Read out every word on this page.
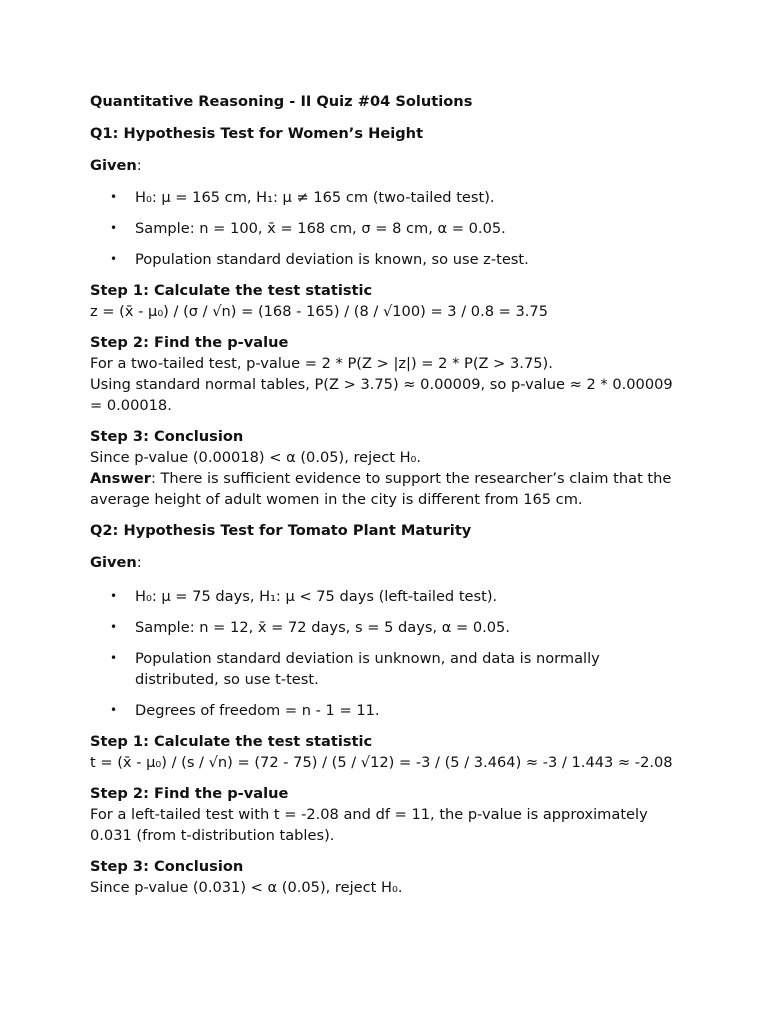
Quantitative Reasoning - II Quiz #04 Solutions

Q1: Hypothesis Test for Women’s Height

Given:

• H₀: μ = 165 cm, H₁: μ ≠ 165 cm (two-tailed test).
• Sample: n = 100, x̄ = 168 cm, σ = 8 cm, α = 0.05.
• Population standard deviation is known, so use z-test.
Step 1: Calculate the test statistic
z = (x̄ - μ₀) / (σ / √n) = (168 - 165) / (8 / √100) = 3 / 0.8 = 3.75
Step 2: Find the p-value
For a two-tailed test, p-value = 2 * P(Z > |z|) = 2 * P(Z > 3.75).
Using standard normal tables, P(Z > 3.75) ≈ 0.00009, so p-value ≈ 2 * 0.00009 = 0.00018.
Step 3: Conclusion
Since p-value (0.00018) < α (0.05), reject H₀.
Answer: There is sufficient evidence to support the researcher’s claim that the average height of adult women in the city is different from 165 cm.

Q2: Hypothesis Test for Tomato Plant Maturity

Given:

• H₀: μ = 75 days, H₁: μ < 75 days (left-tailed test).
• Sample: n = 12, x̄ = 72 days, s = 5 days, α = 0.05.
• Population standard deviation is unknown, and data is normally distributed, so use t-test.
• Degrees of freedom = n - 1 = 11.
Step 1: Calculate the test statistic
t = (x̄ - μ₀) / (s / √n) = (72 - 75) / (5 / √12) = -3 / (5 / 3.464) ≈ -3 / 1.443 ≈ -2.08
Step 2: Find the p-value
For a left-tailed test with t = -2.08 and df = 11, the p-value is approximately 0.031 (from t-distribution tables).
Step 3: Conclusion
Since p-value (0.031) < α (0.05), reject H₀.
